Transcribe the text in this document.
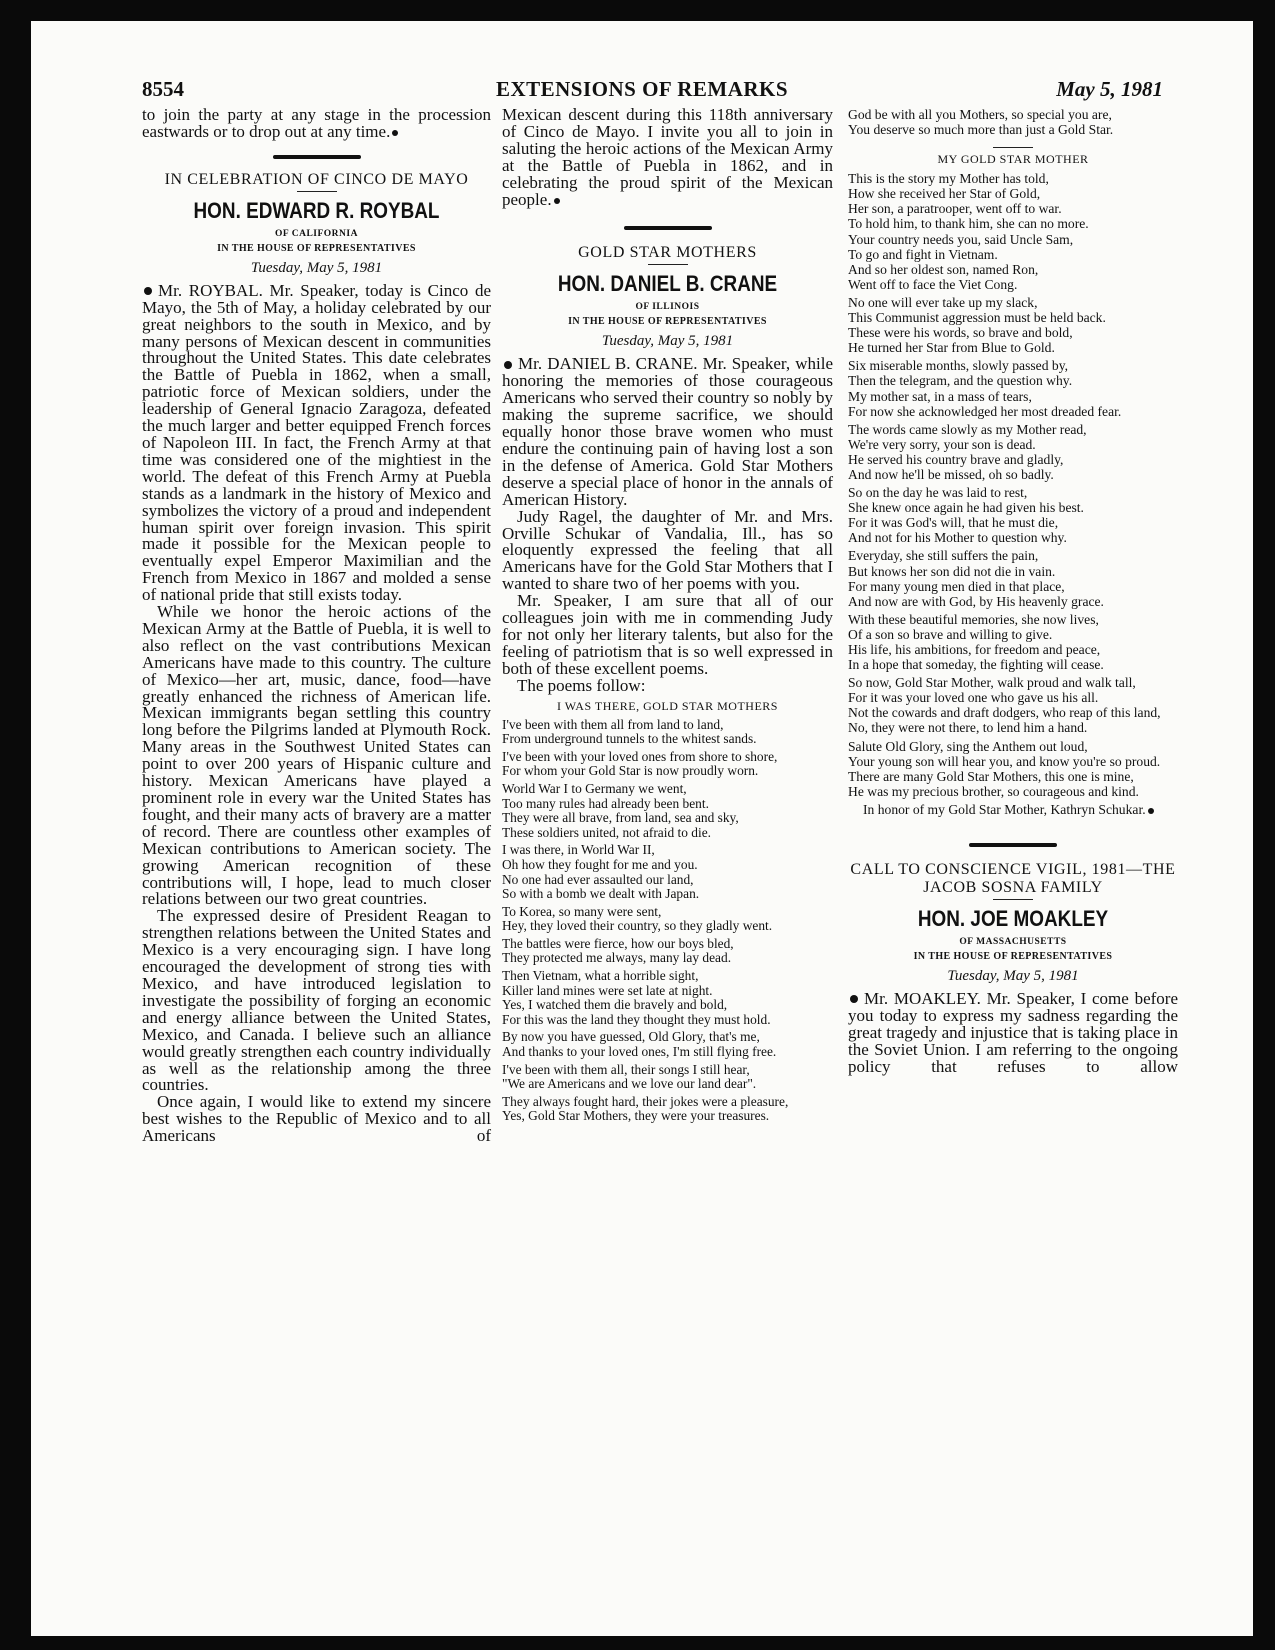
8554	EXTENSIONS OF REMARKS	May 5, 1981

to join the party at any stage in the procession eastwards or to drop out at any time.

IN CELEBRATION OF CINCO DE MAYO

HON. EDWARD R. ROYBAL

OF CALIFORNIA

IN THE HOUSE OF REPRESENTATIVES

Tuesday, May 5, 1981

Mr. ROYBAL. Mr. Speaker, today is Cinco de Mayo, the 5th of May, a holiday celebrated by our great neighbors to the south in Mexico, and by many persons of Mexican descent in communities throughout the United States. This date celebrates the Battle of Puebla in 1862, when a small, patriotic force of Mexican soldiers, under the leadership of General Ignacio Zaragoza, defeated the much larger and better equipped French forces of Napoleon III. In fact, the French Army at that time was considered one of the mightiest in the world. The defeat of this French Army at Puebla stands as a landmark in the history of Mexico and symbolizes the victory of a proud and independent human spirit over foreign invasion. This spirit made it possible for the Mexican people to eventually expel Emperor Maximilian and the French from Mexico in 1867 and molded a sense of national pride that still exists today.

While we honor the heroic actions of the Mexican Army at the Battle of Puebla, it is well to also reflect on the vast contributions Mexican Americans have made to this country. The culture of Mexico—her art, music, dance, food—have greatly enhanced the richness of American life. Mexican immigrants began settling this country long before the Pilgrims landed at Plymouth Rock. Many areas in the Southwest United States can point to over 200 years of Hispanic culture and history. Mexican Americans have played a prominent role in every war the United States has fought, and their many acts of bravery are a matter of record. There are countless other examples of Mexican contributions to American society. The growing American recognition of these contributions will, I hope, lead to much closer relations between our two great countries.

The expressed desire of President Reagan to strengthen relations between the United States and Mexico is a very encouraging sign. I have long encouraged the development of strong ties with Mexico, and have introduced legislation to investigate the possibility of forging an economic and energy alliance between the United States, Mexico, and Canada. I believe such an alliance would greatly strengthen each country individually as well as the relationship among the three countries.

Once again, I would like to extend my sincere best wishes to the Republic of Mexico and to all Americans of

Mexican descent during this 118th anniversary of Cinco de Mayo. I invite you all to join in saluting the heroic actions of the Mexican Army at the Battle of Puebla in 1862, and in celebrating the proud spirit of the Mexican people.

GOLD STAR MOTHERS

HON. DANIEL B. CRANE

OF ILLINOIS

IN THE HOUSE OF REPRESENTATIVES

Tuesday, May 5, 1981

Mr. DANIEL B. CRANE. Mr. Speaker, while honoring the memories of those courageous Americans who served their country so nobly by making the supreme sacrifice, we should equally honor those brave women who must endure the continuing pain of having lost a son in the defense of America. Gold Star Mothers deserve a special place of honor in the annals of American History.

Judy Ragel, the daughter of Mr. and Mrs. Orville Schukar of Vandalia, Ill., has so eloquently expressed the feeling that all Americans have for the Gold Star Mothers that I wanted to share two of her poems with you.

Mr. Speaker, I am sure that all of our colleagues join with me in commending Judy for not only her literary talents, but also for the feeling of patriotism that is so well expressed in both of these excellent poems.

The poems follow:

I WAS THERE, GOLD STAR MOTHERS

I've been with them all from land to land,
From underground tunnels to the whitest sands.
I've been with your loved ones from shore to shore,
For whom your Gold Star is now proudly worn.
World War I to Germany we went,
Too many rules had already been bent.
They were all brave, from land, sea and sky,
These soldiers united, not afraid to die.
I was there, in World War II,
Oh how they fought for me and you.
No one had ever assaulted our land,
So with a bomb we dealt with Japan.
To Korea, so many were sent,
Hey, they loved their country, so they gladly went.
The battles were fierce, how our boys bled,
They protected me always, many lay dead.
Then Vietnam, what a horrible sight,
Killer land mines were set late at night.
Yes, I watched them die bravely and bold,
For this was the land they thought they must hold.
By now you have guessed, Old Glory, that's me,
And thanks to your loved ones, I'm still flying free.
I've been with them all, their songs I still hear,
"We are Americans and we love our land dear".
They always fought hard, their jokes were a pleasure,
Yes, Gold Star Mothers, they were your treasures.
God be with all you Mothers, so special you are,
You deserve so much more than just a Gold Star.

MY GOLD STAR MOTHER

This is the story my Mother has told,
How she received her Star of Gold,
Her son, a paratrooper, went off to war.
To hold him, to thank him, she can no more.
Your country needs you, said Uncle Sam,
To go and fight in Vietnam.
And so her oldest son, named Ron,
Went off to face the Viet Cong.
No one will ever take up my slack,
This Communist aggression must be held back.
These were his words, so brave and bold,
He turned her Star from Blue to Gold.
Six miserable months, slowly passed by,
Then the telegram, and the question why.
My mother sat, in a mass of tears,
For now she acknowledged her most dreaded fear.
The words came slowly as my Mother read,
We're very sorry, your son is dead.
He served his country brave and gladly,
And now he'll be missed, oh so badly.
So on the day he was laid to rest,
She knew once again he had given his best.
For it was God's will, that he must die,
And not for his Mother to question why.
Everyday, she still suffers the pain,
But knows her son did not die in vain.
For many young men died in that place,
And now are with God, by His heavenly grace.
With these beautiful memories, she now lives,
Of a son so brave and willing to give.
His life, his ambitions, for freedom and peace,
In a hope that someday, the fighting will cease.
So now, Gold Star Mother, walk proud and walk tall,
For it was your loved one who gave us his all.
Not the cowards and draft dodgers, who reap of this land,
No, they were not there, to lend him a hand.
Salute Old Glory, sing the Anthem out loud,
Your young son will hear you, and know you're so proud.
There are many Gold Star Mothers, this one is mine,
He was my precious brother, so courageous and kind.

In honor of my Gold Star Mother, Kathryn Schukar.

CALL TO CONSCIENCE VIGIL, 1981—THE JACOB SOSNA FAMILY

HON. JOE MOAKLEY

OF MASSACHUSETTS

IN THE HOUSE OF REPRESENTATIVES

Tuesday, May 5, 1981

Mr. MOAKLEY. Mr. Speaker, I come before you today to express my sadness regarding the great tragedy and injustice that is taking place in the Soviet Union. I am referring to the ongoing policy that refuses to allow
